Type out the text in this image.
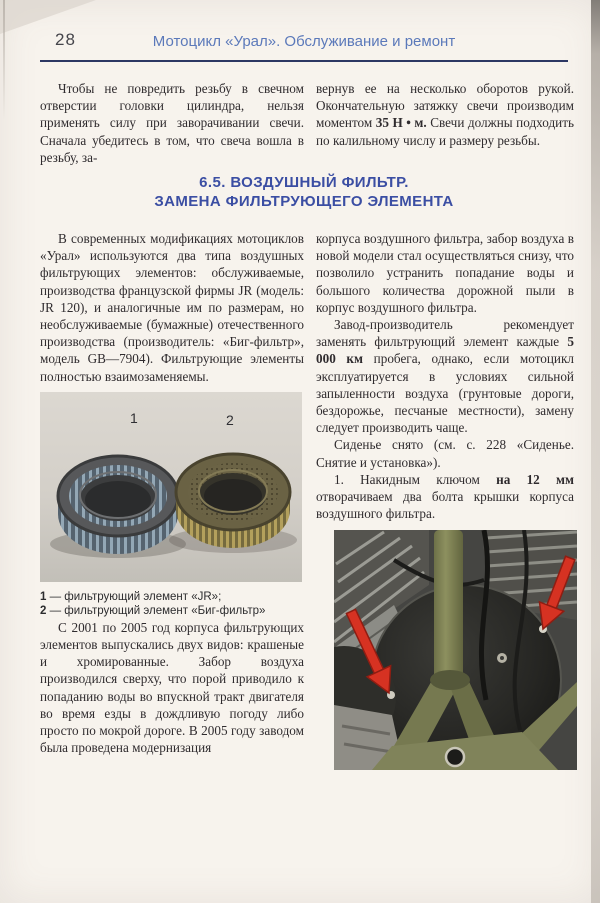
28	Мотоцикл «Урал». Обслуживание и ремонт

Чтобы не повредить резьбу в свечном отверстии головки цилиндра, нельзя применять силу при заворачивании свечи. Сначала убедитесь в том, что свеча вошла в резьбу, за-

вернув ее на несколько оборотов рукой. Окончательную затяжку свечи производим моментом 35 Н • м. Свечи должны подходить по калильному числу и размеру резьбы.

6.5. ВОЗДУШНЫЙ ФИЛЬТР.
ЗАМЕНА ФИЛЬТРУЮЩЕГО ЭЛЕМЕНТА

В современных модификациях мотоциклов «Урал» используются два типа воздушных фильтрующих элементов: обслуживаемые, производства французской фирмы JR (модель: JR 120), и аналогичные им по размерам, но необслуживаемые (бумажные) отечественного производства (производитель: «Биг-фильтр», модель GB—7904). Фильтрующие элементы полностью взаимозаменяемы.

1	2
1 — фильтрующий элемент «JR»;
2 — фильтрующий элемент «Биг-фильтр»

С 2001 по 2005 год корпуса фильтрующих элементов выпускались двух видов: крашеные и хромированные. Забор воздуха производился сверху, что порой приводило к попаданию воды во впускной тракт двигателя во время езды в дождливую погоду либо просто по мокрой дороге. В 2005 году заводом была проведена модернизация

корпуса воздушного фильтра, забор воздуха в новой модели стал осуществляться снизу, что позволило устранить попадание воды и большого количества дорожной пыли в корпус воздушного фильтра.

Завод-производитель рекомендует заменять фильтрующий элемент каждые 5 000 км пробега, однако, если мотоцикл эксплуатируется в условиях сильной запыленности воздуха (грунтовые дороги, бездорожье, песчаные местности), замену следует производить чаще.

Сиденье снято (см. с. 228 «Сиденье. Снятие и установка»).

1. Накидным ключом на 12 мм отворачиваем два болта крышки корпуса воздушного фильтра.
